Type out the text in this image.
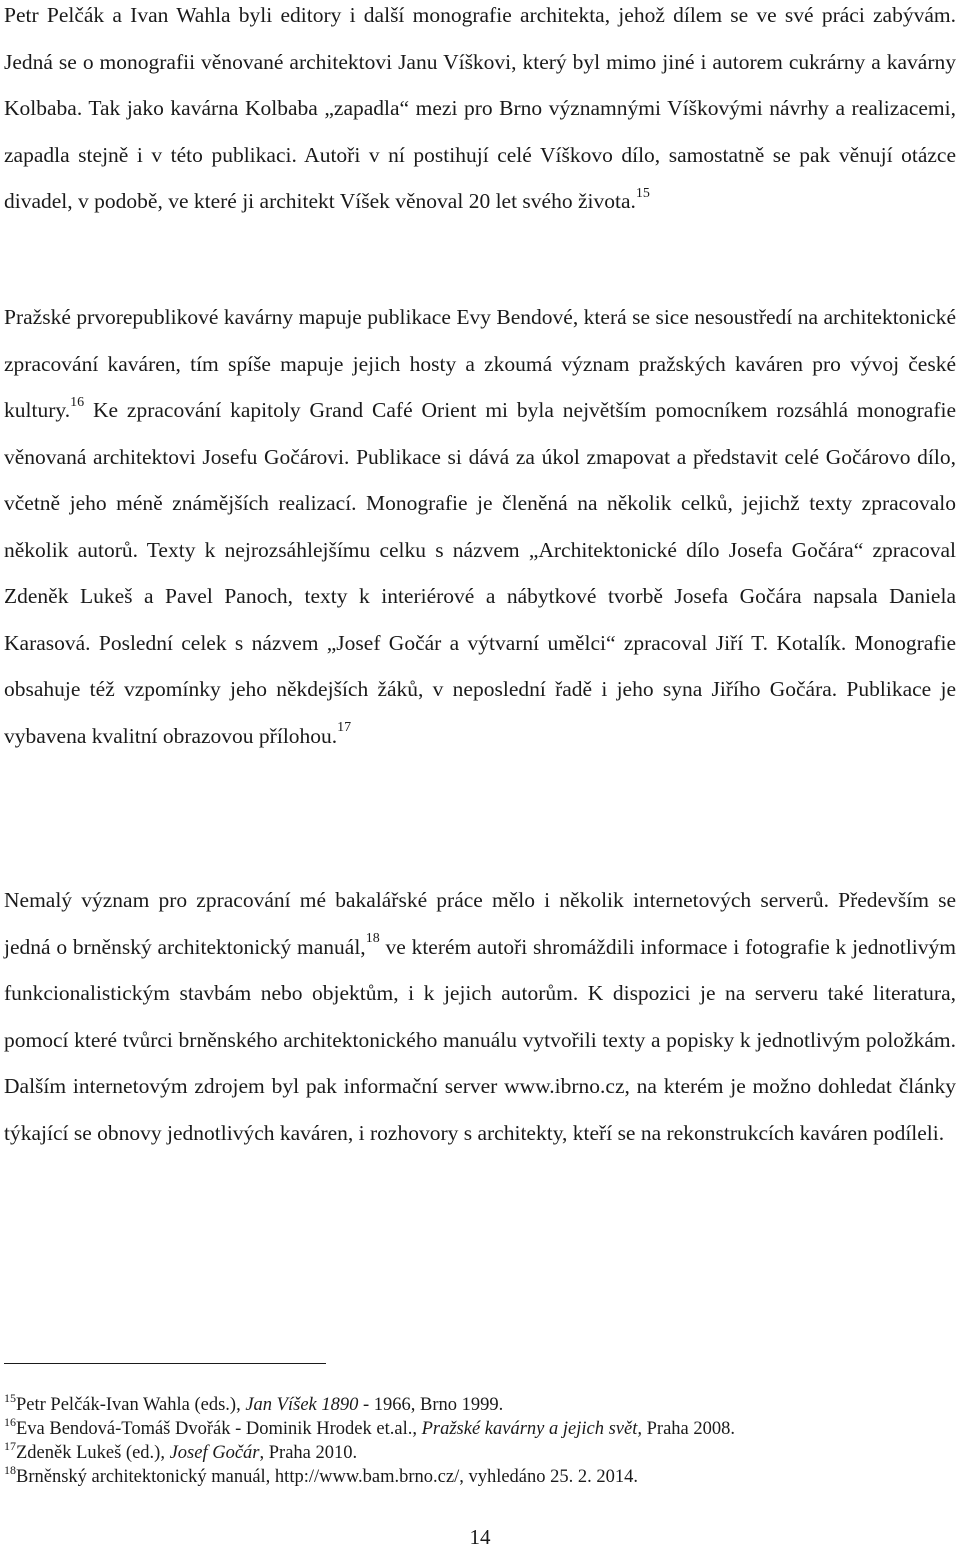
Petr Pelčák a Ivan Wahla byli editory i další monografie architekta, jehož dílem se ve své práci zabývám. Jedná se o monografii věnované architektovi Janu Víškovi, který byl mimo jiné i autorem cukrárny a kavárny Kolbaba. Tak jako kavárna Kolbaba „zapadla“ mezi pro Brno významnými Víškovými návrhy a realizacemi, zapadla stejně i v této publikaci. Autoři v ní postihují celé Víškovo dílo, samostatně se pak věnují otázce divadel, v podobě, ve které ji architekt Víšek věnoval 20 let svého života.$^{15}$

Pražské prvorepublikové kavárny mapuje publikace Evy Bendové, která se sice nesoustředí na architektonické zpracování kaváren, tím spíše mapuje jejich hosty a zkoumá význam pražských kaváren pro vývoj české kultury.$^{16}$ Ke zpracování kapitoly Grand Café Orient mi byla největším pomocníkem rozsáhlá monografie věnovaná architektovi Josefu Gočárovi. Publikace si dává za úkol zmapovat a představit celé Gočárovo dílo, včetně jeho méně známějších realizací. Monografie je členěná na několik celků, jejichž texty zpracovalo několik autorů. Texty k nejrozsáhlejšímu celku s názvem „Architektonické dílo Josefa Gočára“ zpracoval Zdeněk Lukeš a Pavel Panoch, texty k interiérové a nábytkové tvorbě Josefa Gočára napsala Daniela Karasová. Poslední celek s názvem „Josef Gočár a výtvarní umělci“ zpracoval Jiří T. Kotalík. Monografie obsahuje též vzpomínky jeho někdejších žáků, v neposlední řadě i jeho syna Jiřího Gočára. Publikace je vybavena kvalitní obrazovou přílohou.$^{17}$

Nemalý význam pro zpracování mé bakalářské práce mělo i několik internetových serverů. Především se jedná o brněnský architektonický manuál,$^{18}$ ve kterém autoři shromáždili informace i fotografie k jednotlivým funkcionalistickým stavbám nebo objektům, i k jejich autorům. K dispozici je na serveru také literatura, pomocí které tvůrci brněnského architektonického manuálu vytvořili texty a popisky k jednotlivým položkám. Dalším internetovým zdrojem byl pak informační server www.ibrno.cz, na kterém je možno dohledat články týkající se obnovy jednotlivých kaváren, i rozhovory s architekty, kteří se na rekonstrukcích kaváren podíleli.

$^{15}$Petr Pelčák-Ivan Wahla (eds.), Jan Víšek 1890 - 1966, Brno 1999.
$^{16}$Eva Bendová-Tomáš Dvořák - Dominik Hrodek et.al., Pražské kavárny a jejich svět, Praha 2008.
$^{17}$Zdeněk Lukeš (ed.), Josef Gočár, Praha 2010.
$^{18}$Brněnský architektonický manuál, http://www.bam.brno.cz/, vyhledáno 25. 2. 2014.
14
